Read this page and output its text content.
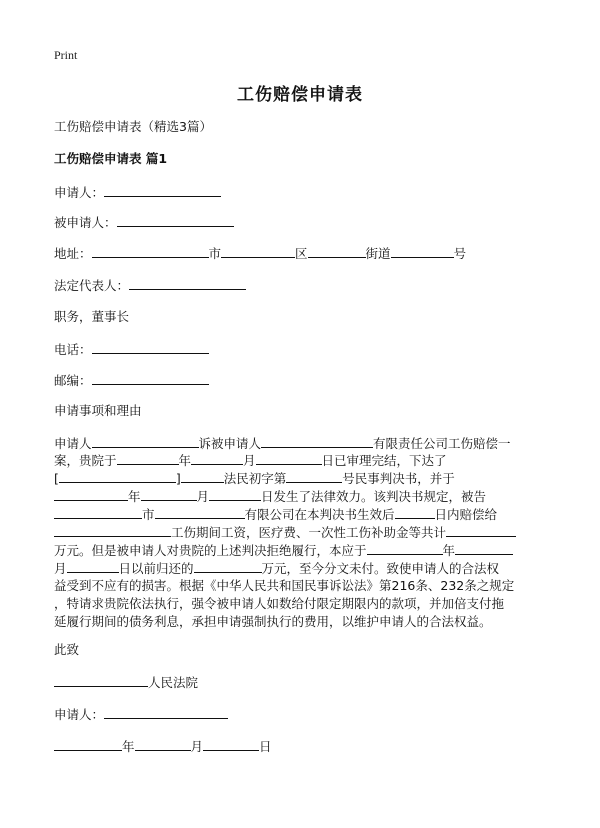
Print
工伤赔偿申请表
工伤赔偿申请表（精选3篇）
工伤赔偿申请表 篇1
申请人：
被申请人：
地址：	市	区	街道	号
法定代表人：
职务，董事长
电话：
邮编：
申请事项和理由
申请人	诉被申请人	有限责任公司工伤赔偿一
案，贵院于	年	月	日已审理完结，下达了
[	]	法民初字第	号民事判决书，并于
年	月	日发生了法律效力。该判决书规定，被告
市	有限公司在本判决书生效后	日内赔偿给
工伤期间工资，医疗费、一次性工伤补助金等共计
万元。但是被申请人对贵院的上述判决拒绝履行，本应于	年
月	日以前归还的	万元，至今分文未付。致使申请人的合法权
益受到不应有的损害。根据《中华人民共和国民事诉讼法》第216条、232条之规定
，特请求贵院依法执行，强令被申请人如数给付限定期限内的款项，并加倍支付拖
延履行期间的债务利息，承担申请强制执行的费用，以维护申请人的合法权益。
此致
人民法院
申请人：
年	月	日
